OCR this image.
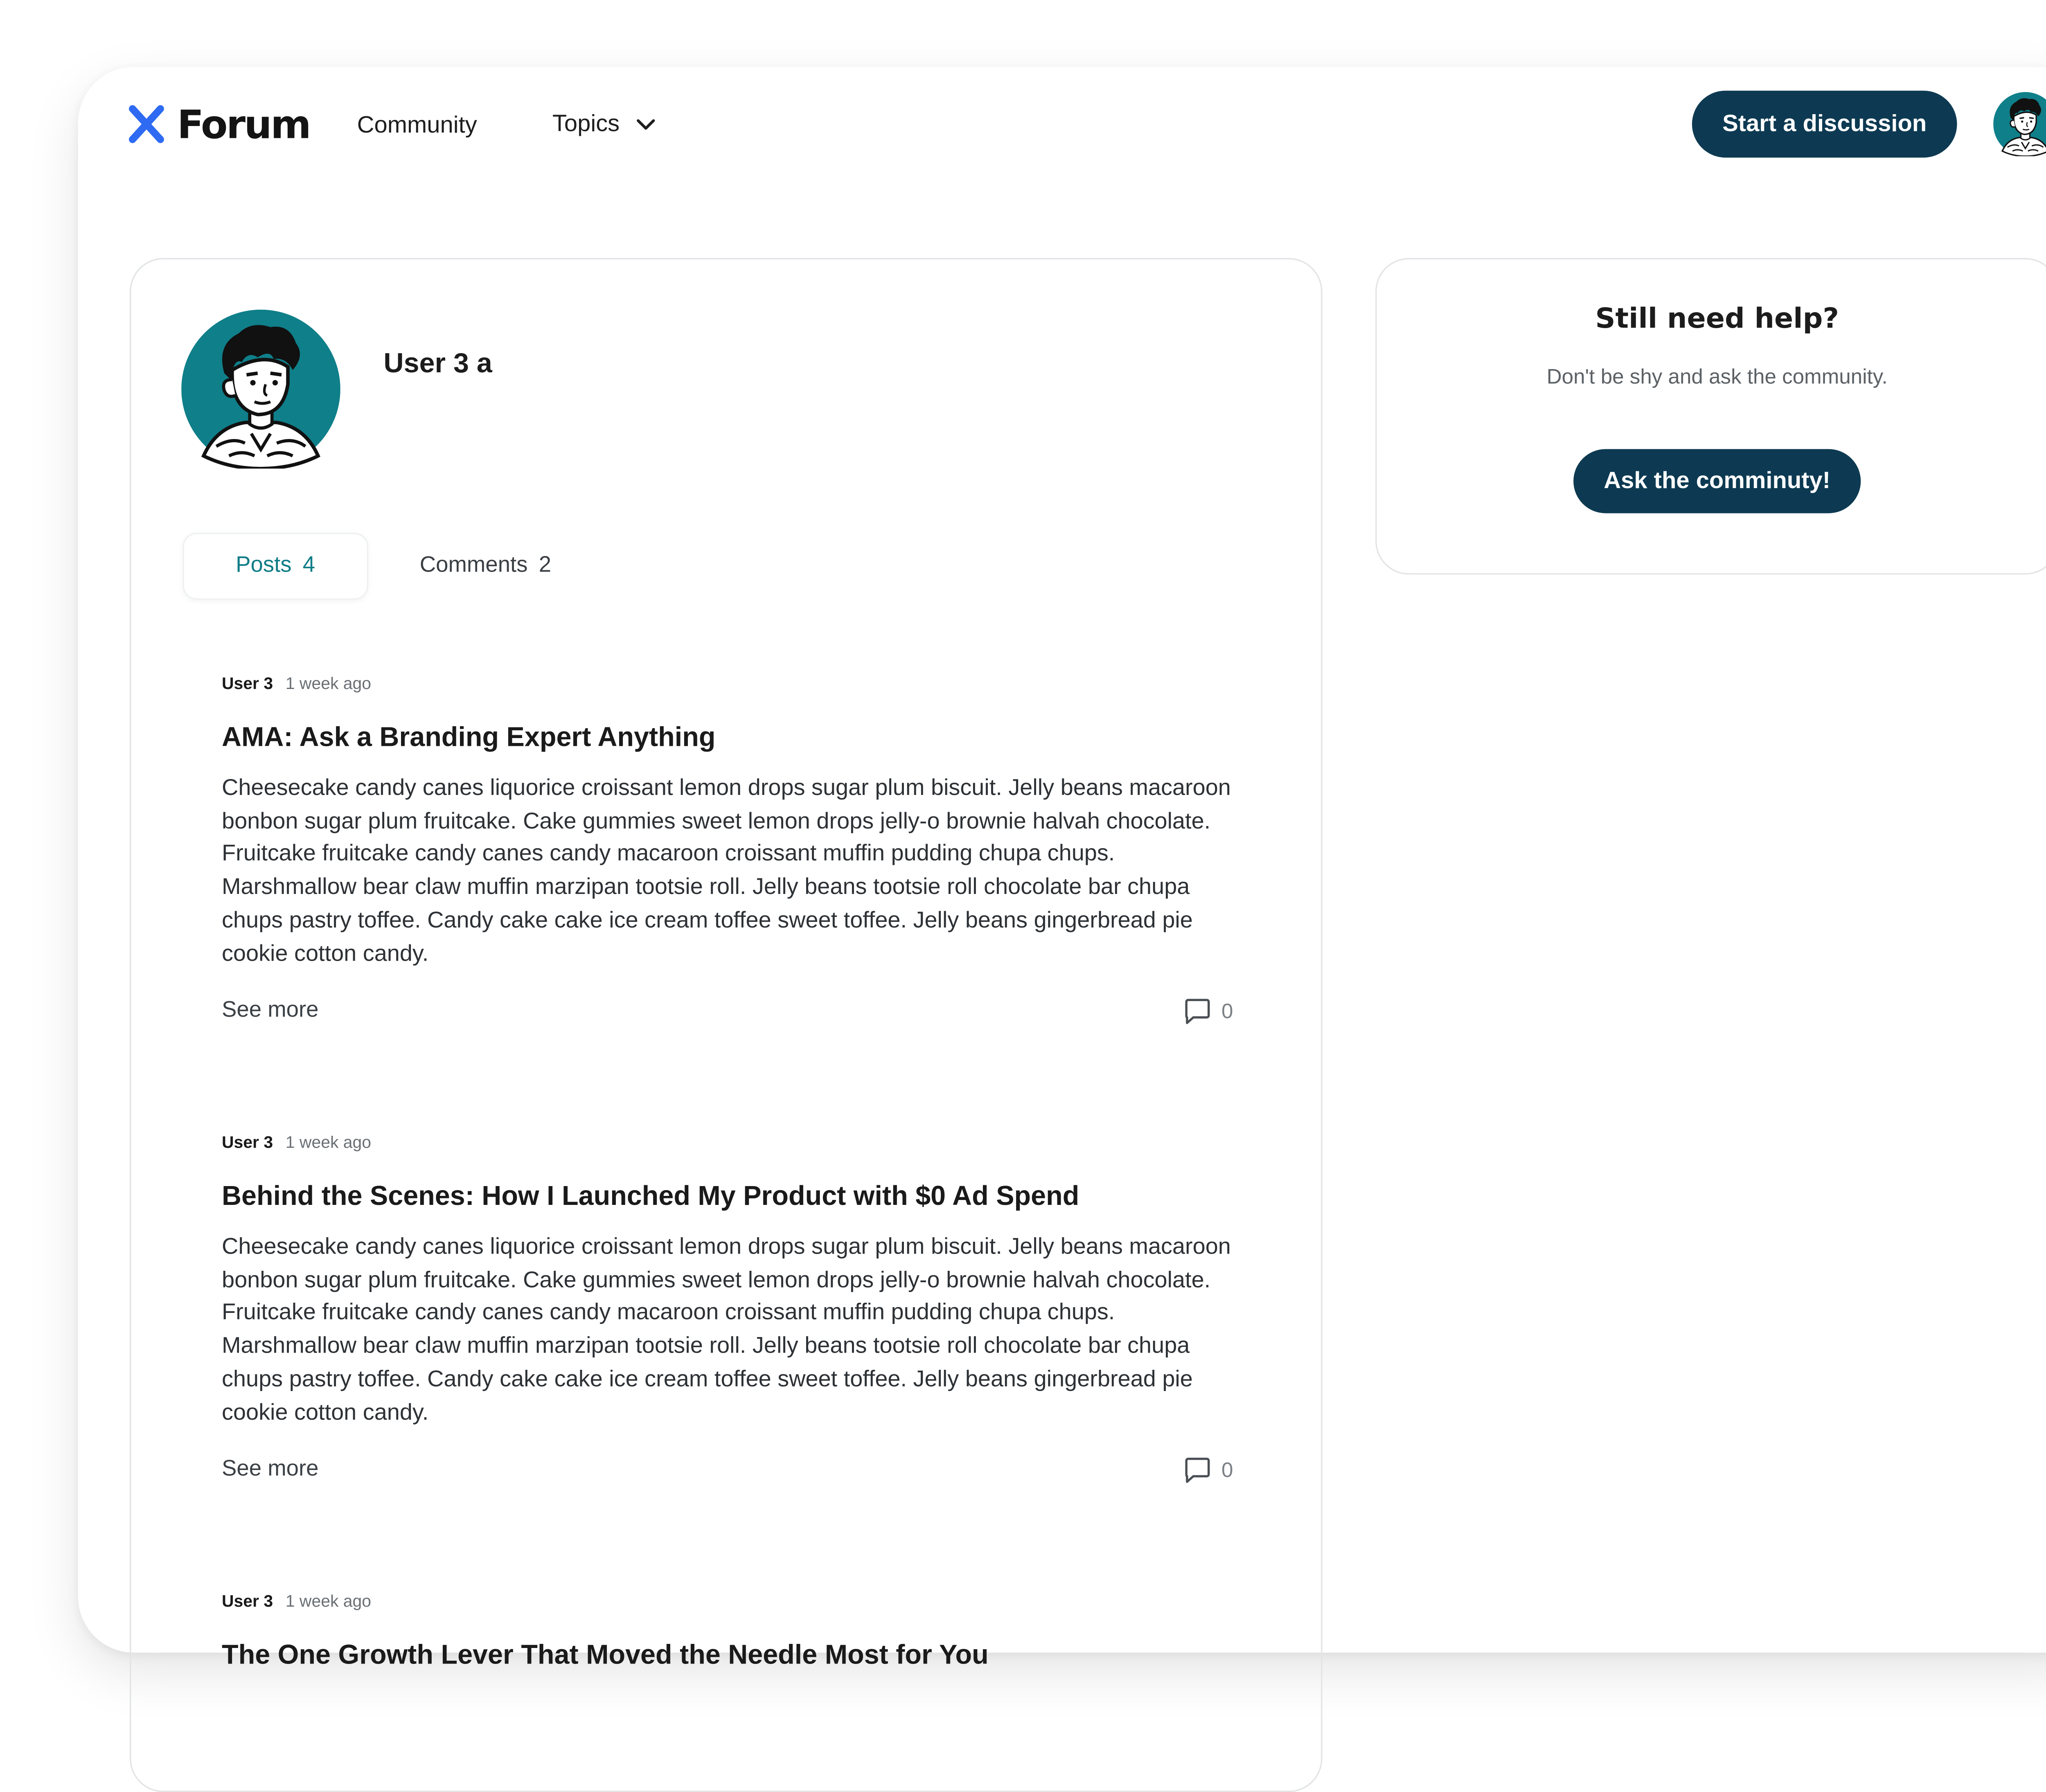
Forum	Community	Topics	Start a discussion
User 3 a
Posts 4	Comments 2
User 3	1 week ago
AMA: Ask a Branding Expert Anything
Cheesecake candy canes liquorice croissant lemon drops sugar plum biscuit. Jelly beans macaroon bonbon sugar plum fruitcake. Cake gummies sweet lemon drops jelly-o brownie halvah chocolate. Fruitcake fruitcake candy canes candy macaroon croissant muffin pudding chupa chups. Marshmallow bear claw muffin marzipan tootsie roll. Jelly beans tootsie roll chocolate bar chupa chups pastry toffee. Candy cake cake ice cream toffee sweet toffee. Jelly beans gingerbread pie cookie cotton candy.
See more	0
User 3	1 week ago
Behind the Scenes: How I Launched My Product with $0 Ad Spend
Cheesecake candy canes liquorice croissant lemon drops sugar plum biscuit. Jelly beans macaroon bonbon sugar plum fruitcake. Cake gummies sweet lemon drops jelly-o brownie halvah chocolate. Fruitcake fruitcake candy canes candy macaroon croissant muffin pudding chupa chups. Marshmallow bear claw muffin marzipan tootsie roll. Jelly beans tootsie roll chocolate bar chupa chups pastry toffee. Candy cake cake ice cream toffee sweet toffee. Jelly beans gingerbread pie cookie cotton candy.
See more	0
User 3	1 week ago
The One Growth Lever That Moved the Needle Most for You
Still need help?
Don't be shy and ask the community.
Ask the comminuty!
